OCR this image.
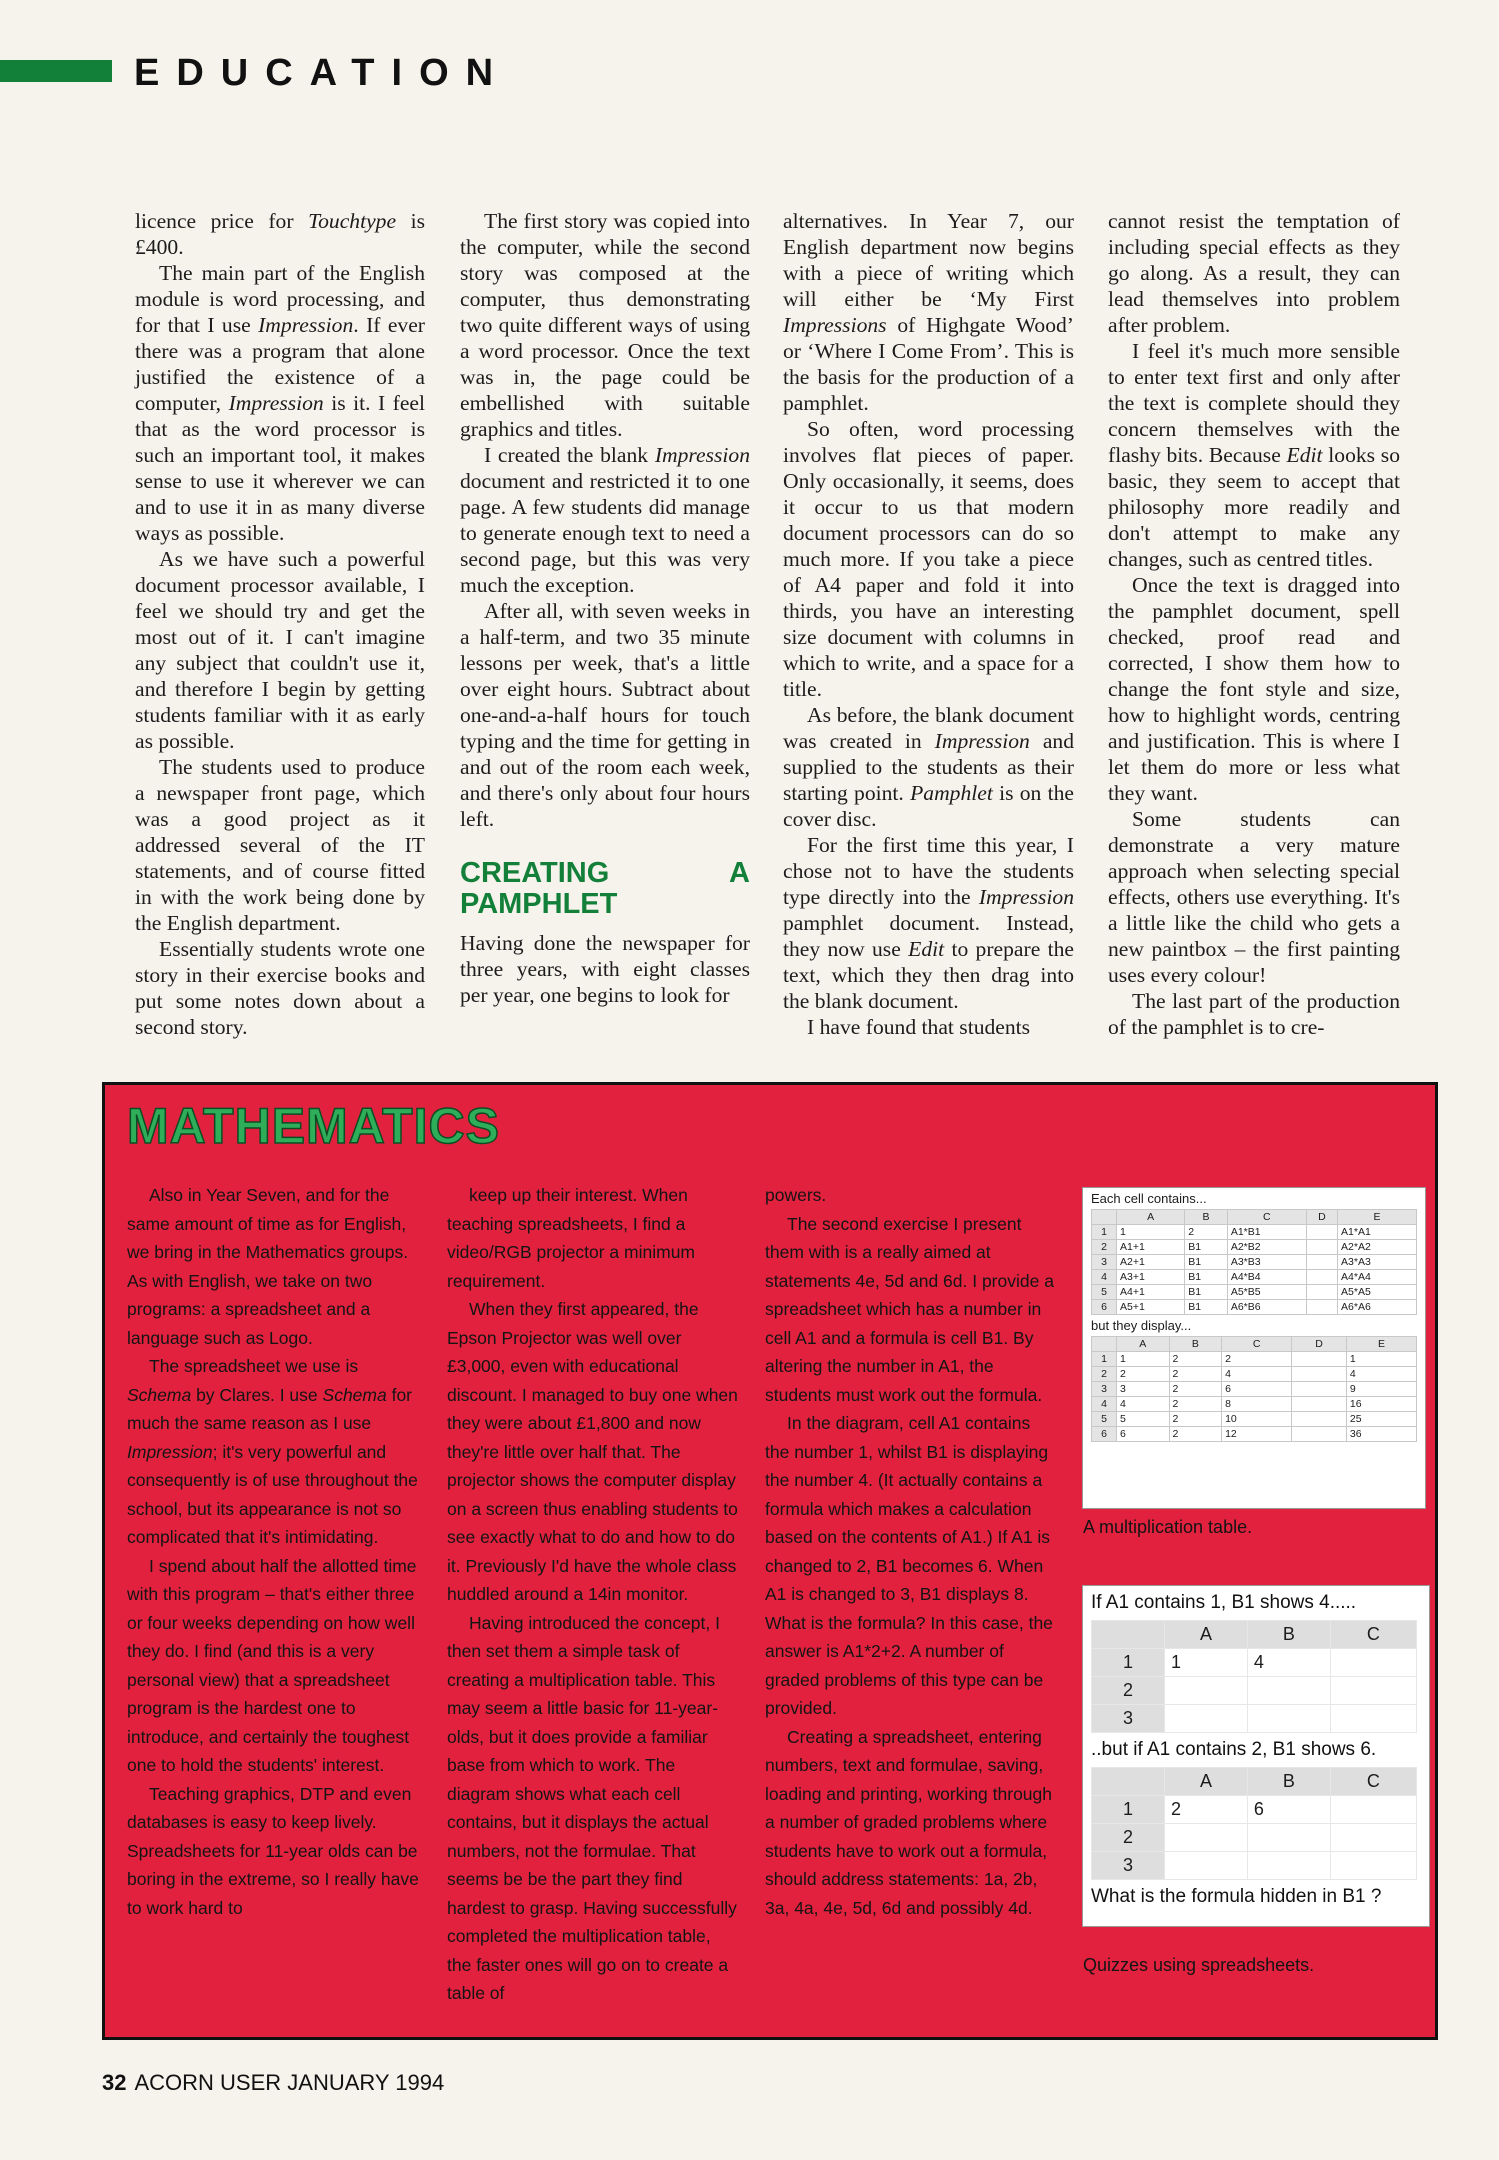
EDUCATION

licence price for Touchtype is £400.

The main part of the English module is word processing, and for that I use Impression. If ever there was a program that alone justified the existence of a computer, Impression is it. I feel that as the word processor is such an important tool, it makes sense to use it wherever we can and to use it in as many diverse ways as possible.

As we have such a powerful document processor available, I feel we should try and get the most out of it. I can't imagine any subject that couldn't use it, and therefore I begin by getting students familiar with it as early as possible.

The students used to produce a newspaper front page, which was a good project as it addressed several of the IT statements, and of course fitted in with the work being done by the English department.

Essentially students wrote one story in their exercise books and put some notes down about a second story.

The first story was copied into the computer, while the second story was composed at the computer, thus demonstrating two quite different ways of using a word processor. Once the text was in, the page could be embellished with suitable graphics and titles.

I created the blank Impression document and restricted it to one page. A few students did manage to generate enough text to need a second page, but this was very much the exception.

After all, with seven weeks in a half-term, and two 35 minute lessons per week, that's a little over eight hours. Subtract about one-and-a-half hours for touch typing and the time for getting in and out of the room each week, and there's only about four hours left.

CREATING A PAMPHLET

Having done the newspaper for three years, with eight classes per year, one begins to look for

alternatives. In Year 7, our English department now begins with a piece of writing which will either be ‘My First Impressions of Highgate Wood’ or ‘Where I Come From’. This is the basis for the production of a pamphlet.

So often, word processing involves flat pieces of paper. Only occasionally, it seems, does it occur to us that modern document processors can do so much more. If you take a piece of A4 paper and fold it into thirds, you have an interesting size document with columns in which to write, and a space for a title.

As before, the blank document was created in Impression and supplied to the students as their starting point. Pamphlet is on the cover disc.

For the first time this year, I chose not to have the students type directly into the Impression pamphlet document. Instead, they now use Edit to prepare the text, which they then drag into the blank document.

I have found that students

cannot resist the temptation of including special effects as they go along. As a result, they can lead themselves into problem after problem.

I feel it's much more sensible to enter text first and only after the text is complete should they concern themselves with the flashy bits. Because Edit looks so basic, they seem to accept that philosophy more readily and don't attempt to make any changes, such as centred titles.

Once the text is dragged into the pamphlet document, spell checked, proof read and corrected, I show them how to change the font style and size, how to highlight words, centring and justification. This is where I let them do more or less what they want.

Some students can demonstrate a very mature approach when selecting special effects, others use everything. It's a little like the child who gets a new paintbox – the first painting uses every colour!

The last part of the production of the pamphlet is to cre-

MATHEMATICS

Also in Year Seven, and for the same amount of time as for English, we bring in the Mathematics groups. As with English, we take on two programs: a spreadsheet and a language such as Logo.

The spreadsheet we use is Schema by Clares. I use Schema for much the same reason as I use Impression; it's very powerful and consequently is of use throughout the school, but its appearance is not so complicated that it's intimidating.

I spend about half the allotted time with this program – that's either three or four weeks depending on how well they do. I find (and this is a very personal view) that a spreadsheet program is the hardest one to introduce, and certainly the toughest one to hold the students' interest.

Teaching graphics, DTP and even databases is easy to keep lively. Spreadsheets for 11-year olds can be boring in the extreme, so I really have to work hard to

keep up their interest. When teaching spreadsheets, I find a video/RGB projector a minimum requirement.

When they first appeared, the Epson Projector was well over £3,000, even with educational discount. I managed to buy one when they were about £1,800 and now they're little over half that. The projector shows the computer display on a screen thus enabling students to see exactly what to do and how to do it. Previously I'd have the whole class huddled around a 14in monitor.

Having introduced the concept, I then set them a simple task of creating a multiplication table. This may seem a little basic for 11-year-olds, but it does provide a familiar base from which to work. The diagram shows what each cell contains, but it displays the actual numbers, not the formulae. That seems be be the part they find hardest to grasp. Having successfully completed the multiplication table, the faster ones will go on to create a table of

powers.

The second exercise I present them with is a really aimed at statements 4e, 5d and 6d. I provide a spreadsheet which has a number in cell A1 and a formula is cell B1. By altering the number in A1, the students must work out the formula.

In the diagram, cell A1 contains the number 1, whilst B1 is displaying the number 4. (It actually contains a formula which makes a calculation based on the contents of A1.) If A1 is changed to 2, B1 becomes 6. When A1 is changed to 3, B1 displays 8. What is the formula? In this case, the answer is A1*2+2. A number of graded problems of this type can be provided.

Creating a spreadsheet, entering numbers, text and formulae, saving, loading and printing, working through a number of graded problems where students have to work out a formula, should address statements: 1a, 2b, 3a, 4a, 4e, 5d, 6d and possibly 4d.

Each cell contains...
	A	B	C	D	E
1	1	2	A1*B1		A1*A1
2	A1+1	B1	A2*B2		A2*A2
3	A2+1	B1	A3*B3		A3*A3
4	A3+1	B1	A4*B4		A4*A4
5	A4+1	B1	A5*B5		A5*A5
6	A5+1	B1	A6*B6		A6*A6
but they display...
	A	B	C	D	E
1	1	2	2		1
2	2	2	4		4
3	3	2	6		9
4	4	2	8		16
5	5	2	10		25
6	6	2	12		36
A multiplication table.
If A1 contains 1, B1 shows 4.....
	A	B	C
1	1	4	
2			
3			
..but if A1 contains 2, B1 shows 6.
	A	B	C
1	2	6	
2			
3			
What is the formula hidden in B1 ?
Quizzes using spreadsheets.
32 ACORN USER JANUARY 1994
